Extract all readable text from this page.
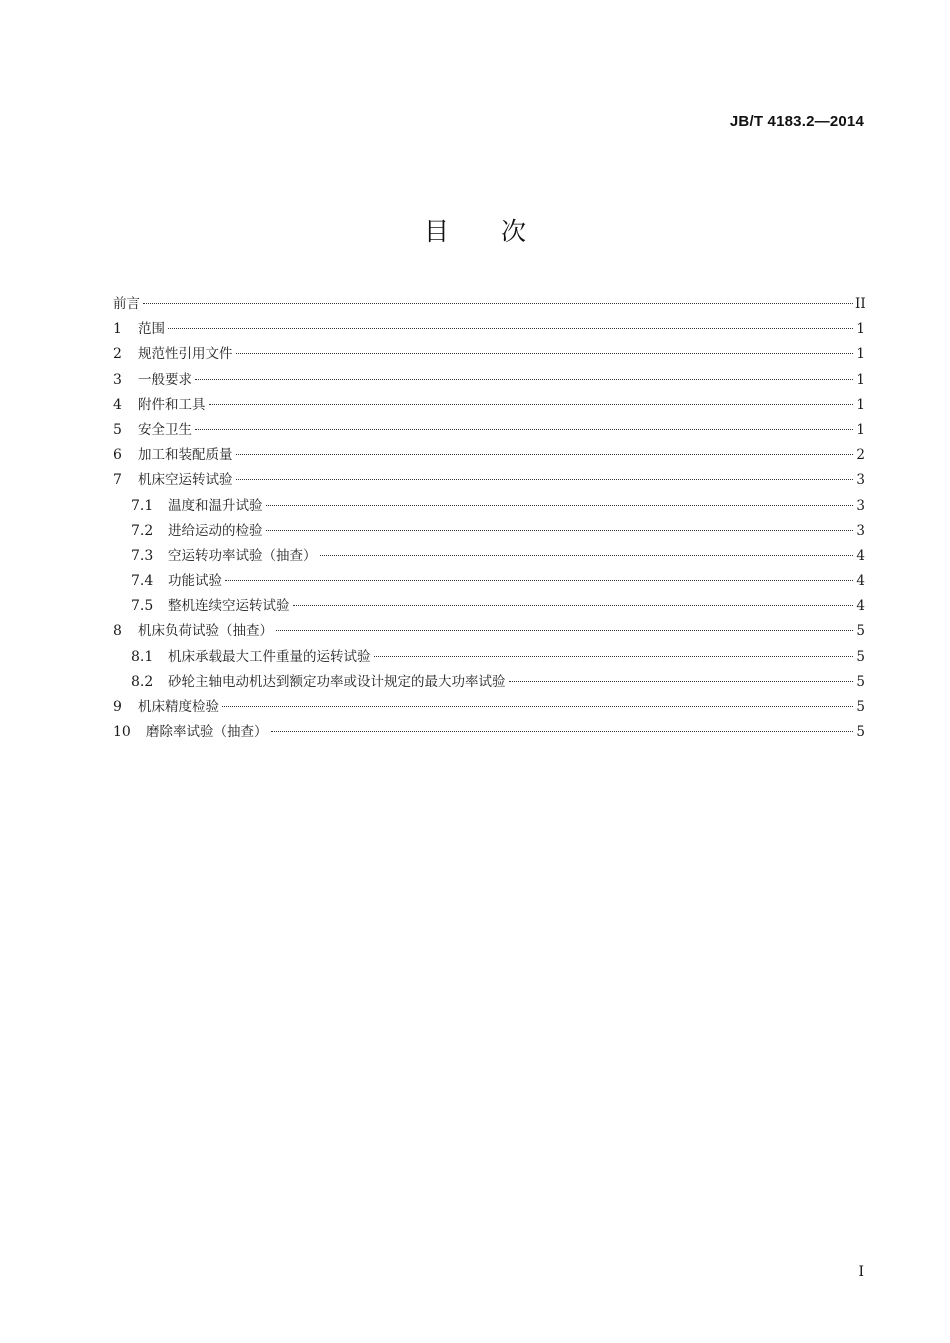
JB/T 4183.2—2014
目 次
前言	II
1	范围	1
2	规范性引用文件	1
3	一般要求	1
4	附件和工具	1
5	安全卫生	1
6	加工和装配质量	2
7	机床空运转试验	3
7.1	温度和温升试验	3
7.2	进给运动的检验	3
7.3	空运转功率试验（抽查）	4
7.4	功能试验	4
7.5	整机连续空运转试验	4
8	机床负荷试验（抽查）	5
8.1	机床承载最大工件重量的运转试验	5
8.2	砂轮主轴电动机达到额定功率或设计规定的最大功率试验	5
9	机床精度检验	5
10	磨除率试验（抽查）	5
I
